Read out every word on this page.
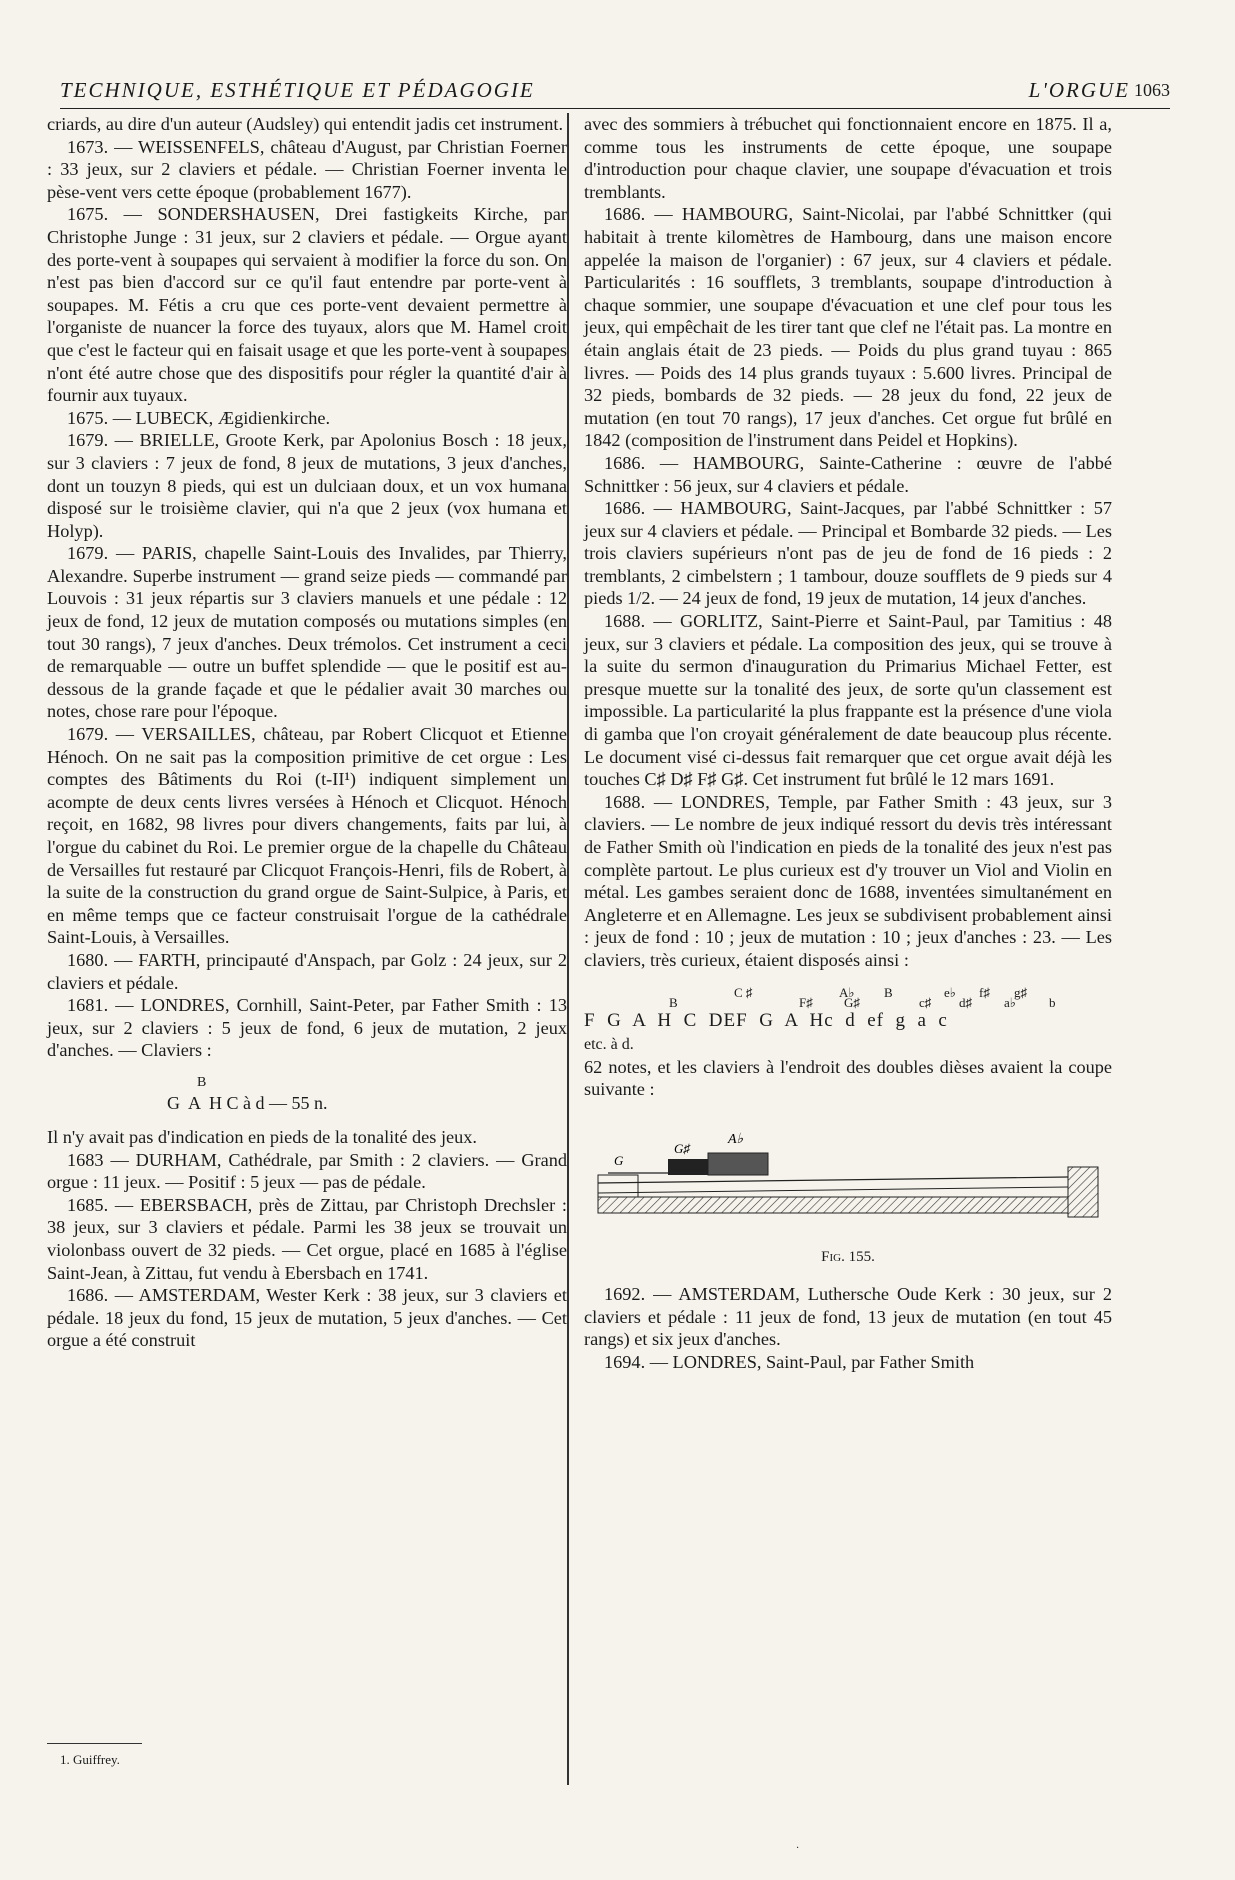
TECHNIQUE, ESTHÉTIQUE ET PÉDAGOGIE	L'ORGUE 1063

criards, au dire d'un auteur (Audsley) qui entendit jadis cet instrument.

1673. — WEISSENFELS, château d'August, par Christian Foerner : 33 jeux, sur 2 claviers et pédale. — Christian Foerner inventa le pèse-vent vers cette époque (probablement 1677).

1675. — SONDERSHAUSEN, Drei fastigkeits Kirche, par Christophe Junge : 31 jeux, sur 2 claviers et pédale. — Orgue ayant des porte-vent à soupapes qui servaient à modifier la force du son. On n'est pas bien d'accord sur ce qu'il faut entendre par porte-vent à soupapes. M. Fétis a cru que ces porte-vent devaient permettre à l'organiste de nuancer la force des tuyaux, alors que M. Hamel croit que c'est le facteur qui en faisait usage et que les porte-vent à soupapes n'ont été autre chose que des dispositifs pour régler la quantité d'air à fournir aux tuyaux.

1675. — LUBECK, Ægidienkirche.

1679. — BRIELLE, Groote Kerk, par Apolonius Bosch : 18 jeux, sur 3 claviers : 7 jeux de fond, 8 jeux de mutations, 3 jeux d'anches, dont un touzyn 8 pieds, qui est un dulciaan doux, et un vox humana disposé sur le troisième clavier, qui n'a que 2 jeux (vox humana et Holyp).

1679. — PARIS, chapelle Saint-Louis des Invalides, par Thierry, Alexandre. Superbe instrument — grand seize pieds — commandé par Louvois : 31 jeux répartis sur 3 claviers manuels et une pédale : 12 jeux de fond, 12 jeux de mutation composés ou mutations simples (en tout 30 rangs), 7 jeux d'anches. Deux trémolos. Cet instrument a ceci de remarquable — outre un buffet splendide — que le positif est au-dessous de la grande façade et que le pédalier avait 30 marches ou notes, chose rare pour l'époque.

1679. — VERSAILLES, château, par Robert Clicquot et Etienne Hénoch. On ne sait pas la composition primitive de cet orgue : Les comptes des Bâtiments du Roi (t-II¹) indiquent simplement un acompte de deux cents livres versées à Hénoch et Clicquot. Hénoch reçoit, en 1682, 98 livres pour divers changements, faits par lui, à l'orgue du cabinet du Roi. Le premier orgue de la chapelle du Château de Versailles fut restauré par Clicquot François-Henri, fils de Robert, à la suite de la construction du grand orgue de Saint-Sulpice, à Paris, et en même temps que ce facteur construisait l'orgue de la cathédrale Saint-Louis, à Versailles.

1680. — FARTH, principauté d'Anspach, par Golz : 24 jeux, sur 2 claviers et pédale.

1681. — LONDRES, Cornhill, Saint-Peter, par Father Smith : 13 jeux, sur 2 claviers : 5 jeux de fond, 6 jeux de mutation, 2 jeux d'anches. — Claviers :

B

G  A  H C à d — 55 n.

Il n'y avait pas d'indication en pieds de la tonalité des jeux.

1683 — DURHAM, Cathédrale, par Smith : 2 claviers. — Grand orgue : 11 jeux. — Positif : 5 jeux — pas de pédale.

1685. — EBERSBACH, près de Zittau, par Christoph Drechsler : 38 jeux, sur 3 claviers et pédale. Parmi les 38 jeux se trouvait un violonbass ouvert de 32 pieds. — Cet orgue, placé en 1685 à l'église Saint-Jean, à Zittau, fut vendu à Ebersbach en 1741.

1686. — AMSTERDAM, Wester Kerk : 38 jeux, sur 3 claviers et pédale. 18 jeux du fond, 15 jeux de mutation, 5 jeux d'anches. — Cet orgue a été construit

avec des sommiers à trébuchet qui fonctionnaient encore en 1875. Il a, comme tous les instruments de cette époque, une soupape d'introduction pour chaque clavier, une soupape d'évacuation et trois tremblants.

1686. — HAMBOURG, Saint-Nicolai, par l'abbé Schnittker (qui habitait à trente kilomètres de Hambourg, dans une maison encore appelée la maison de l'organier) : 67 jeux, sur 4 claviers et pédale. Particularités : 16 soufflets, 3 tremblants, soupape d'introduction à chaque sommier, une soupape d'évacuation et une clef pour tous les jeux, qui empêchait de les tirer tant que clef ne l'était pas. La montre en étain anglais était de 23 pieds. — Poids du plus grand tuyau : 865 livres. — Poids des 14 plus grands tuyaux : 5.600 livres. Principal de 32 pieds, bombards de 32 pieds. — 28 jeux du fond, 22 jeux de mutation (en tout 70 rangs), 17 jeux d'anches. Cet orgue fut brûlé en 1842 (composition de l'instrument dans Peidel et Hopkins).

1686. — HAMBOURG, Sainte-Catherine : œuvre de l'abbé Schnittker : 56 jeux, sur 4 claviers et pédale.

1686. — HAMBOURG, Saint-Jacques, par l'abbé Schnittker : 57 jeux sur 4 claviers et pédale. — Principal et Bombarde 32 pieds. — Les trois claviers supérieurs n'ont pas de jeu de fond de 16 pieds : 2 tremblants, 2 cimbelstern ; 1 tambour, douze soufflets de 9 pieds sur 4 pieds 1/2. — 24 jeux de fond, 19 jeux de mutation, 14 jeux d'anches.

1688. — GORLITZ, Saint-Pierre et Saint-Paul, par Tamitius : 48 jeux, sur 3 claviers et pédale. La composition des jeux, qui se trouve à la suite du sermon d'inauguration du Primarius Michael Fetter, est presque muette sur la tonalité des jeux, de sorte qu'un classement est impossible. La particularité la plus frappante est la présence d'une viola di gamba que l'on croyait généralement de date beaucoup plus récente. Le document visé ci-dessus fait remarquer que cet orgue avait déjà les touches C♯ D♯ F♯ G♯. Cet instrument fut brûlé le 12 mars 1691.

1688. — LONDRES, Temple, par Father Smith : 43 jeux, sur 3 claviers. — Le nombre de jeux indiqué ressort du devis très intéressant de Father Smith où l'indication en pieds de la tonalité des jeux n'est pas complète partout. Le plus curieux est d'y trouver un Viol and Violin en métal. Les gambes seraient donc de 1688, inventées simultanément en Angleterre et en Allemagne. Les jeux se subdivisent probablement ainsi : jeux de fond : 10 ; jeux de mutation : 10 ; jeux d'anches : 23. — Les claviers, très curieux, étaient disposés ainsi :

B
C ♯
F♯
A♭
G♯
B
c♯
e♭
d♯
f♯
a♭
g♯
b

F  G  A  H  C  DEF  G  A  Hc  d  ef  g  a  c

etc. à d.

62 notes, et les claviers à l'endroit des doubles dièses avaient la coupe suivante :

G
G♯
A♭
Fig. 155.

1692. — AMSTERDAM, Luthersche Oude Kerk : 30 jeux, sur 2 claviers et pédale : 11 jeux de fond, 13 jeux de mutation (en tout 45 rangs) et six jeux d'anches.

1694. — LONDRES, Saint-Paul, par Father Smith

1. Guiffrey.
.
